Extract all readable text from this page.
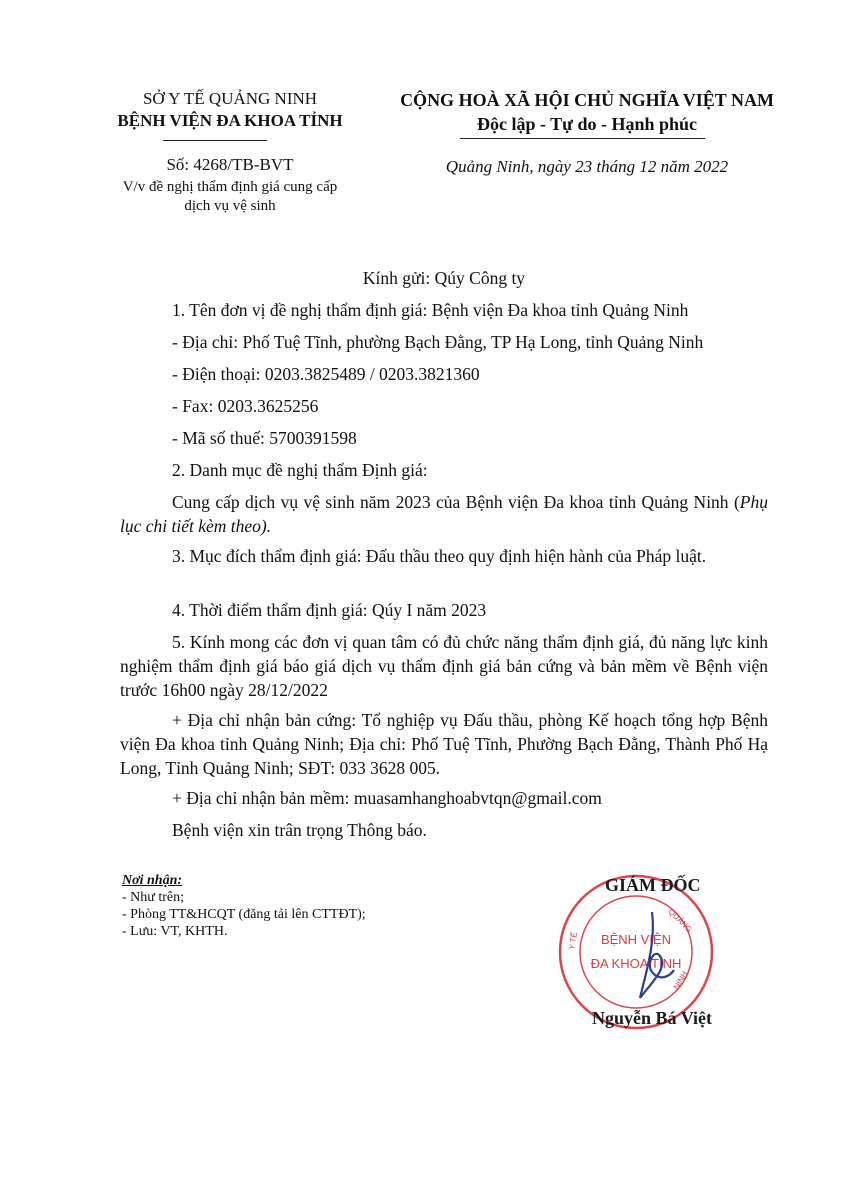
SỞ Y TẾ QUẢNG NINH
BỆNH VIỆN ĐA KHOA TỈNH
Số: 4268/TB-BVT
V/v đề nghị thẩm định giá cung cấp
dịch vụ vệ sinh
CỘNG HOÀ XÃ HỘI CHỦ NGHĨA VIỆT NAM
Độc lập - Tự do - Hạnh phúc
Quảng Ninh, ngày 23 tháng 12 năm 2022
Kính gửi: Qúy Công ty
1. Tên đơn vị đề nghị thẩm định giá: Bệnh viện Đa khoa tỉnh Quảng Ninh
- Địa chỉ: Phố Tuệ Tĩnh, phường Bạch Đằng, TP Hạ Long, tỉnh Quảng Ninh
- Điện thoại: 0203.3825489 / 0203.3821360
- Fax: 0203.3625256
- Mã số thuế: 5700391598
2. Danh mục đề nghị thẩm Định giá:
Cung cấp dịch vụ vệ sinh năm 2023 của Bệnh viện Đa khoa tỉnh Quảng Ninh (Phụ lục chi tiết kèm theo).
3. Mục đích thẩm định giá: Đấu thầu theo quy định hiện hành của Pháp luật.
4. Thời điểm thẩm định giá: Qúy I năm 2023
5. Kính mong các đơn vị quan tâm có đủ chức năng thẩm định giá, đủ năng lực kinh nghiệm thẩm định giá báo giá dịch vụ thẩm định giá bản cứng và bản mềm về Bệnh viện trước 16h00 ngày 28/12/2022
+ Địa chỉ nhận bản cứng: Tổ nghiệp vụ Đấu thầu, phòng Kế hoạch tổng hợp Bệnh viện Đa khoa tỉnh Quảng Ninh; Địa chỉ: Phố Tuệ Tĩnh, Phường Bạch Đằng, Thành Phố Hạ Long, Tỉnh Quảng Ninh; SĐT: 033 3628 005.
+ Địa chỉ nhận bản mềm: muasamhanghoabvtqn@gmail.com
Bệnh viện xin trân trọng Thông báo.
Nơi nhận:
- Như trên;
- Phòng TT&HCQT (đăng tải lên CTTĐT);
- Lưu: VT, KHTH.	QUẢNG
Y TẾ
NINH
BỆNH VIỆN
ĐA KHOA TỈNH
GIÁM ĐỐC
Nguyễn Bá Việt
